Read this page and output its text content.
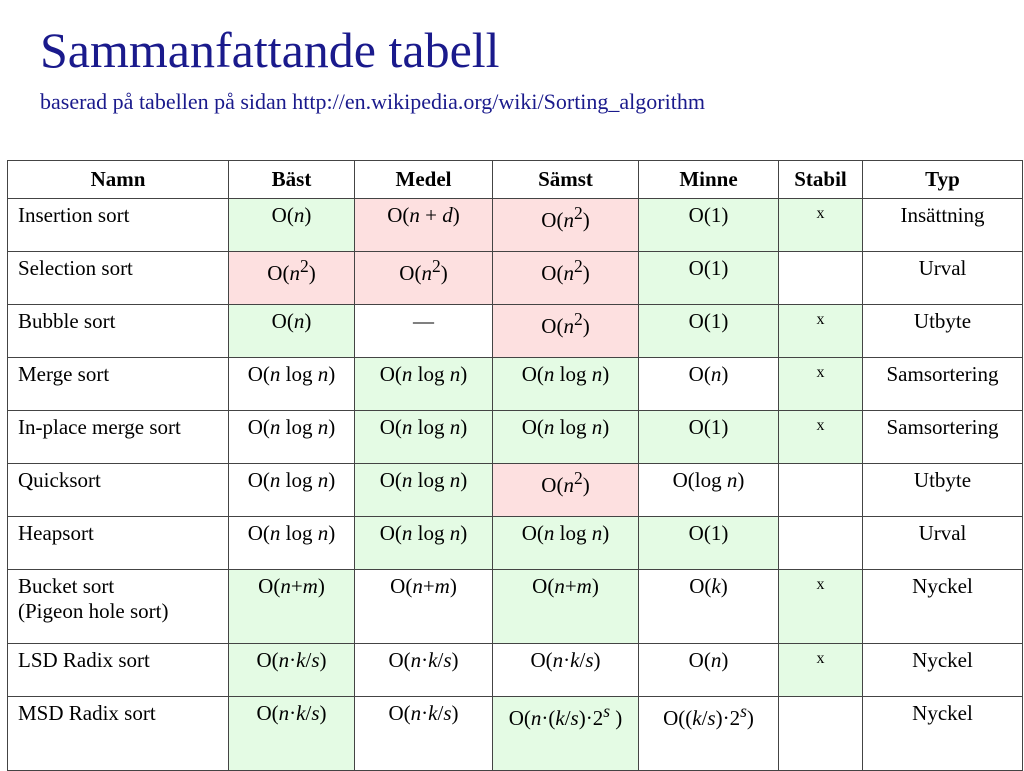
Sammanfattande tabell
baserad på tabellen på sidan http://en.wikipedia.org/wiki/Sorting_algorithm
Namn	Bäst	Medel	Sämst	Minne	Stabil	Typ

Insertion sort	O(n)	O(n + d)	$O(n^2)$	O(1)	x	Insättning

Selection sort	$O(n^2)$	$O(n^2)$	$O(n^2)$	O(1)		Urval

Bubble sort	O(n)	—	$O(n^2)$	O(1)	x	Utbyte

Merge sort	O(n log n)	O(n log n)	O(n log n)	O(n)	x	Samsortering

In-place merge sort	O(n log n)	O(n log n)	O(n log n)	O(1)	x	Samsortering

Quicksort	O(n log n)	O(n log n)	$O(n^2)$	O(log n)		Utbyte

Heapsort	O(n log n)	O(n log n)	O(n log n)	O(1)		Urval

Bucket sort
(Pigeon hole sort)	O(n+m)	O(n+m)	O(n+m)	O(k)	x	Nyckel

LSD Radix sort	O(n·k/s)	O(n·k/s)	O(n·k/s)	O(n)	x	Nyckel

MSD Radix sort	O(n·k/s)	O(n·k/s)	$O(n\cdot(k/s)\cdot 2^s$ )	$O((k/s)\cdot 2^s)$		Nyckel
